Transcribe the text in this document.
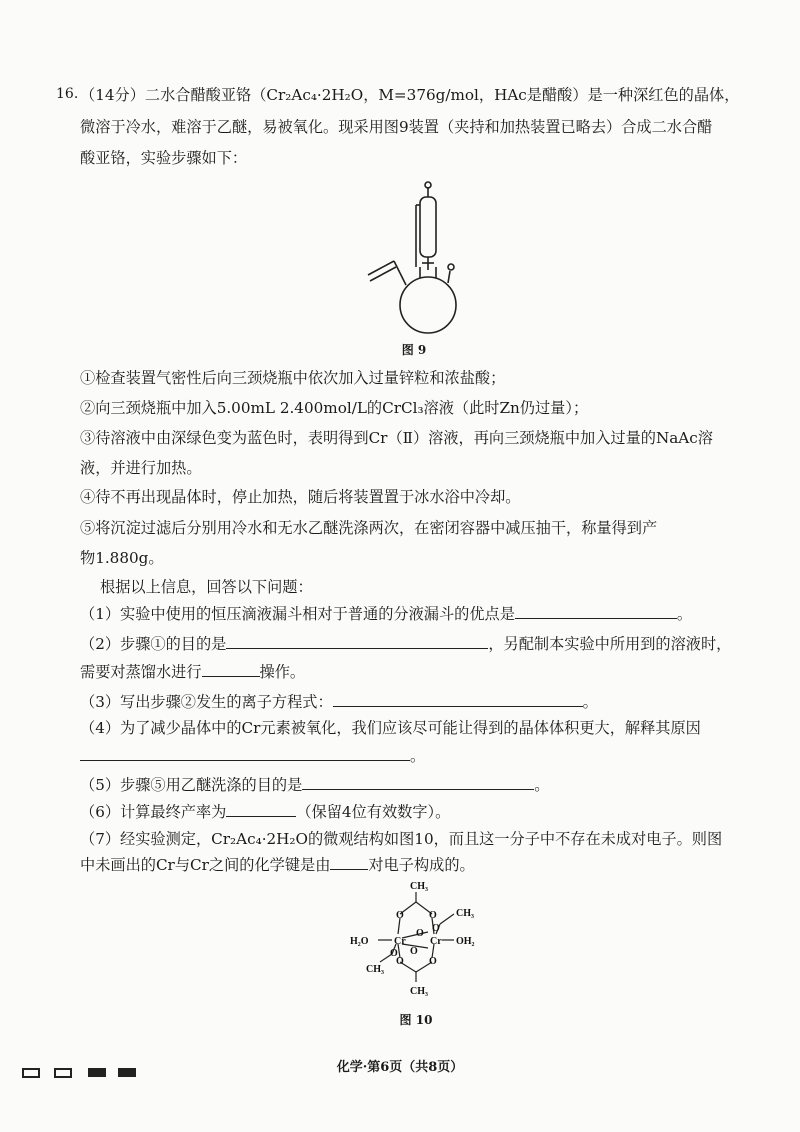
16. （14分）二水合醋酸亚铬（Cr₂Ac₄·2H₂O，M=376g/mol，HAc是醋酸）是一种深红色的晶体，
微溶于冷水，难溶于乙醚，易被氧化。现采用图9装置（夹持和加热装置已略去）合成二水合醋
酸亚铬，实验步骤如下：
图 9
①检查装置气密性后向三颈烧瓶中依次加入过量锌粒和浓盐酸；
②向三颈烧瓶中加入5.00mL 2.400mol/L的CrCl₃溶液（此时Zn仍过量）；
③待溶液中由深绿色变为蓝色时，表明得到Cr（Ⅱ）溶液，再向三颈烧瓶中加入过量的NaAc溶
液，并进行加热。
④待不再出现晶体时，停止加热，随后将装置置于冰水浴中冷却。
⑤将沉淀过滤后分别用冷水和无水乙醚洗涤两次，在密闭容器中减压抽干，称量得到产
物1.880g。
根据以上信息，回答以下问题：
（1）实验中使用的恒压滴液漏斗相对于普通的分液漏斗的优点是	。
（2）步骤①的目的是	，另配制本实验中所用到的溶液时，
需要对蒸馏水进行	操作。
（3）写出步骤②发生的离子方程式：	。
（4）为了减少晶体中的Cr元素被氧化，我们应该尽可能让得到的晶体体积更大，解释其原因
。
（5）步骤⑤用乙醚洗涤的目的是	。
（6）计算最终产率为	（保留4位有效数字）。
（7）经实验测定，Cr₂Ac₄·2H₂O的微观结构如图10，而且这一分子中不存在未成对电子。则图
中未画出的Cr与Cr之间的化学键是由	对电子构成的。
CH₃
CH₃
CH₃
CH₃
H₂O	OH₂
Cr Cr
O	O
O
O
O	O
O
O
图 10
化学·第6页（共8页）
